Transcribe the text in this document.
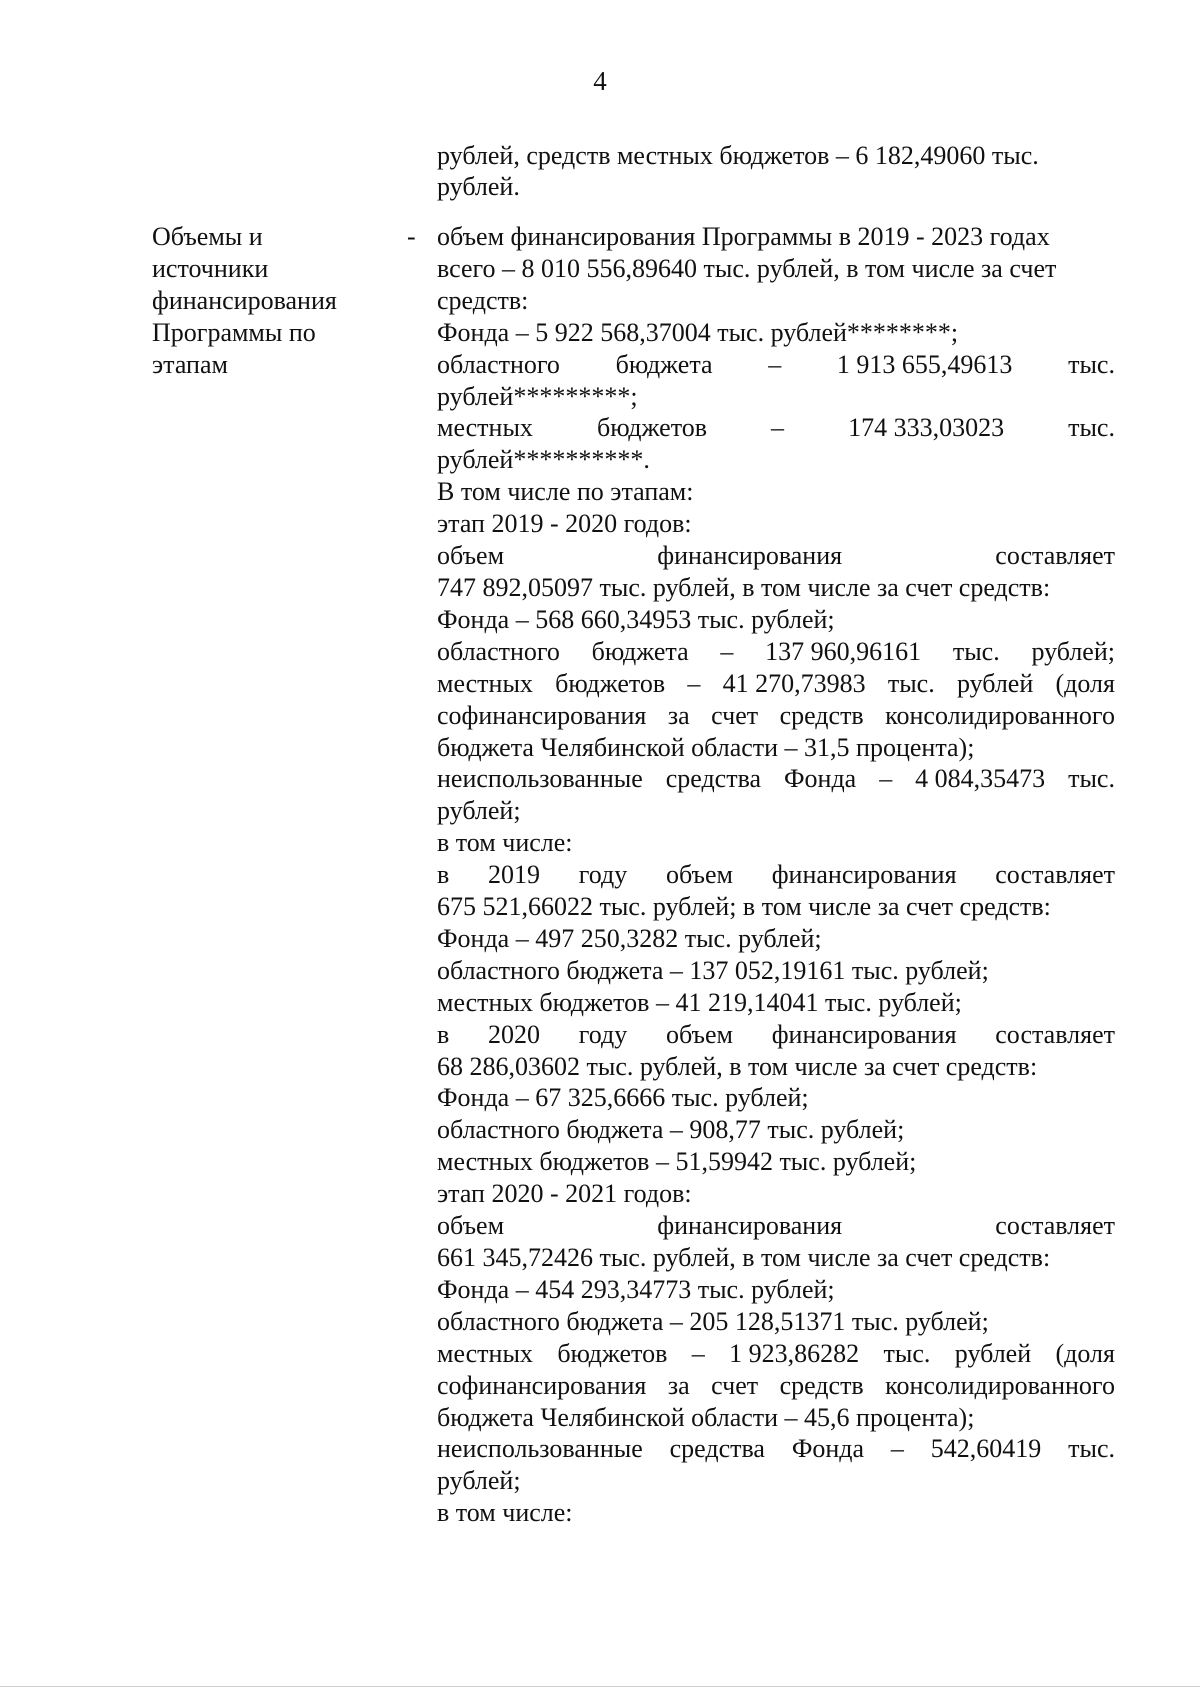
4
рублей, средств местных бюджетов – 6 182,49060 тыс.
рублей.
Объемы и
источники
финансирования
Программы по
этапам
- объем финансирования Программы в 2019 - 2023 годах
всего – 8 010 556,89640 тыс. рублей, в том числе за счет
средств:
Фонда – 5 922 568,37004 тыс. рублей********;
областного бюджета – 1 913 655,49613 тыс.
рублей*********;
местных бюджетов – 174 333,03023 тыс.
рублей**********.
В том числе по этапам:
этап 2019 - 2020 годов:
объем	финансирования	составляет
747 892,05097 тыс. рублей, в том числе за счет средств:
Фонда – 568 660,34953 тыс. рублей;
областного бюджета – 137 960,96161 тыс. рублей;
местных бюджетов – 41 270,73983 тыс. рублей (доля
софинансирования за счет средств консолидированного
бюджета Челябинской области – 31,5 процента);
неиспользованные средства Фонда – 4 084,35473 тыс.
рублей;
в том числе:
в 2019 году объем финансирования составляет
675 521,66022 тыс. рублей; в том числе за счет средств:
Фонда – 497 250,3282 тыс. рублей;
областного бюджета – 137 052,19161 тыс. рублей;
местных бюджетов – 41 219,14041 тыс. рублей;
в 2020 году объем финансирования составляет
68 286,03602 тыс. рублей, в том числе за счет средств:
Фонда – 67 325,6666 тыс. рублей;
областного бюджета – 908,77 тыс. рублей;
местных бюджетов – 51,59942 тыс. рублей;
этап 2020 - 2021 годов:
объем	финансирования	составляет
661 345,72426 тыс. рублей, в том числе за счет средств:
Фонда – 454 293,34773 тыс. рублей;
областного бюджета – 205 128,51371 тыс. рублей;
местных бюджетов – 1 923,86282 тыс. рублей (доля
софинансирования за счет средств консолидированного
бюджета Челябинской области – 45,6 процента);
неиспользованные средства Фонда – 542,60419 тыс.
рублей;
в том числе:
